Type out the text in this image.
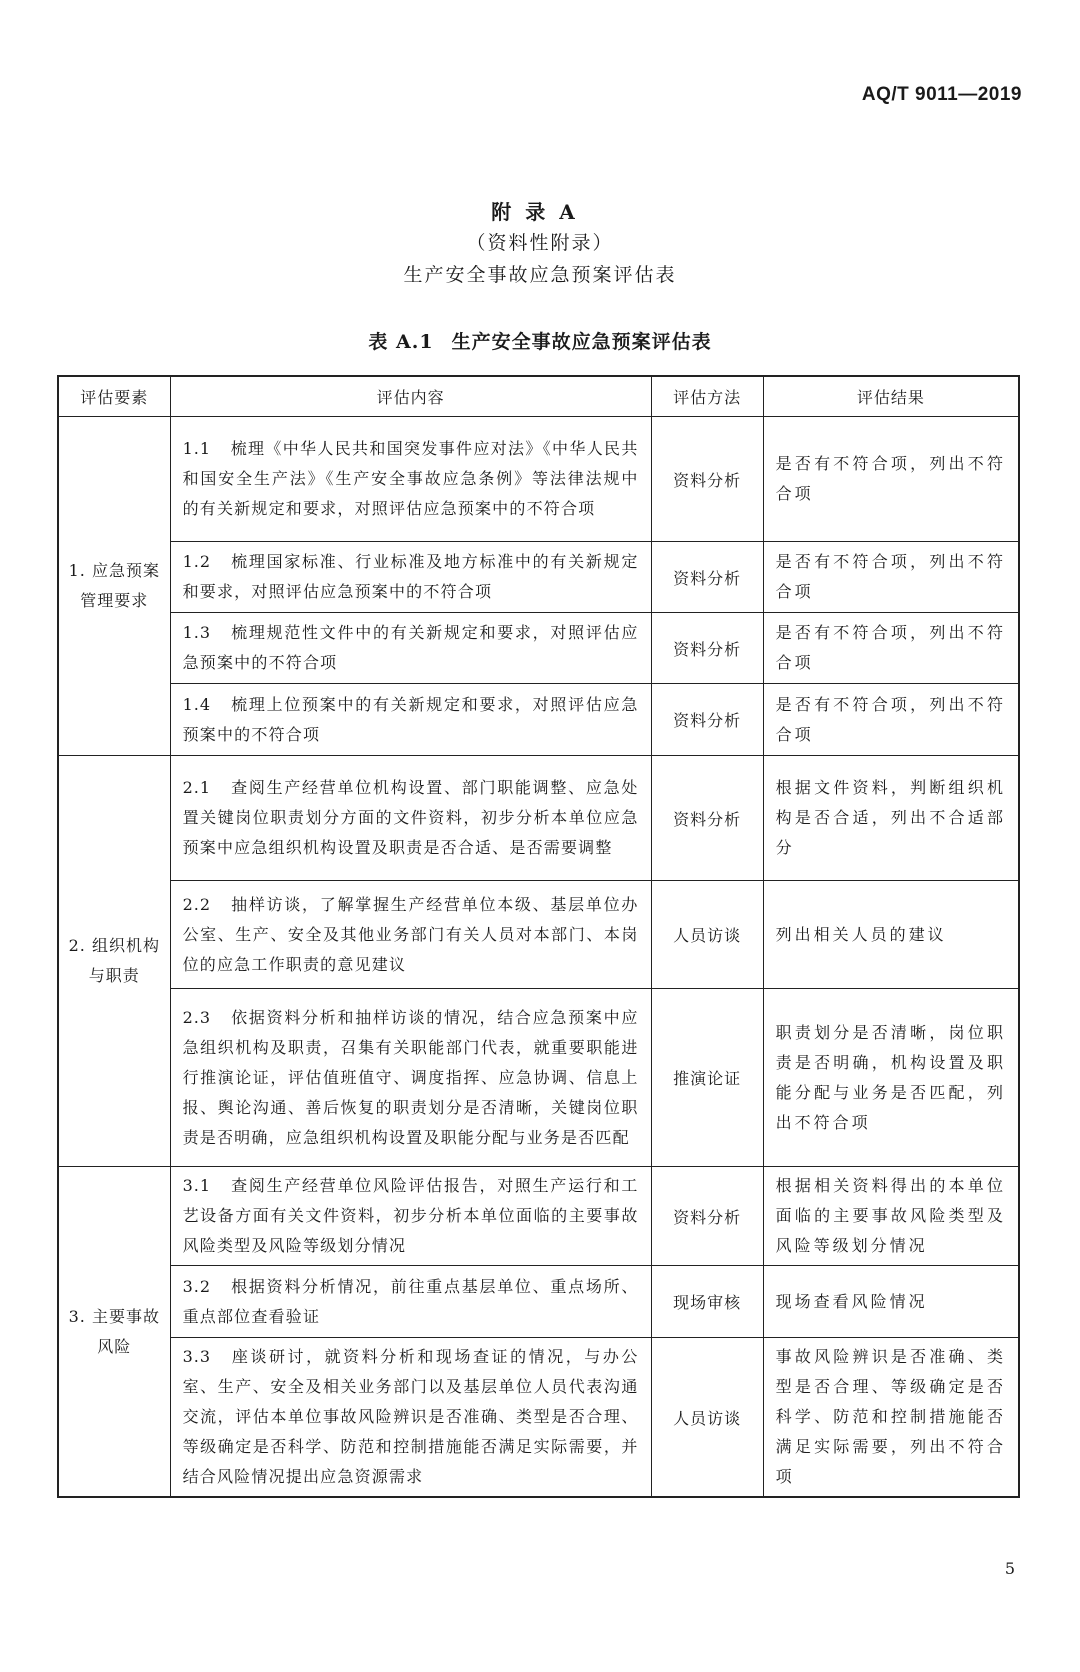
AQ/T 9011—2019
附录A
（资料性附录）
生产安全事故应急预案评估表
表 A.1 生产安全事故应急预案评估表
评估要素	评估内容	评估方法	评估结果
1. 应急预案管理要求	1.1 梳理《中华人民共和国突发事件应对法》《中华人民共和国安全生产法》《生产安全事故应急条例》等法律法规中的有关新规定和要求，对照评估应急预案中的不符合项	资料分析	是否有不符合项，列出不符合项
	1.2 梳理国家标准、行业标准及地方标准中的有关新规定和要求，对照评估应急预案中的不符合项	资料分析	是否有不符合项，列出不符合项
	1.3 梳理规范性文件中的有关新规定和要求，对照评估应急预案中的不符合项	资料分析	是否有不符合项，列出不符合项
	1.4 梳理上位预案中的有关新规定和要求，对照评估应急预案中的不符合项	资料分析	是否有不符合项，列出不符合项
2. 组织机构与职责	2.1 查阅生产经营单位机构设置、部门职能调整、应急处置关键岗位职责划分方面的文件资料，初步分析本单位应急预案中应急组织机构设置及职责是否合适、是否需要调整	资料分析	根据文件资料，判断组织机构是否合适，列出不合适部分
	2.2 抽样访谈，了解掌握生产经营单位本级、基层单位办公室、生产、安全及其他业务部门有关人员对本部门、本岗位的应急工作职责的意见建议	人员访谈	列出相关人员的建议
	2.3 依据资料分析和抽样访谈的情况，结合应急预案中应急组织机构及职责，召集有关职能部门代表，就重要职能进行推演论证，评估值班值守、调度指挥、应急协调、信息上报、舆论沟通、善后恢复的职责划分是否清晰，关键岗位职责是否明确，应急组织机构设置及职能分配与业务是否匹配	推演论证	职责划分是否清晰，岗位职责是否明确，机构设置及职能分配与业务是否匹配，列出不符合项
3. 主要事故风险	3.1 查阅生产经营单位风险评估报告，对照生产运行和工艺设备方面有关文件资料，初步分析本单位面临的主要事故风险类型及风险等级划分情况	资料分析	根据相关资料得出的本单位面临的主要事故风险类型及风险等级划分情况
	3.2 根据资料分析情况，前往重点基层单位、重点场所、重点部位查看验证	现场审核	现场查看风险情况
	3.3 座谈研讨，就资料分析和现场查证的情况，与办公室、生产、安全及相关业务部门以及基层单位人员代表沟通交流，评估本单位事故风险辨识是否准确、类型是否合理、等级确定是否科学、防范和控制措施能否满足实际需要，并结合风险情况提出应急资源需求	人员访谈	事故风险辨识是否准确、类型是否合理、等级确定是否科学、防范和控制措施能否满足实际需要，列出不符合项
5
